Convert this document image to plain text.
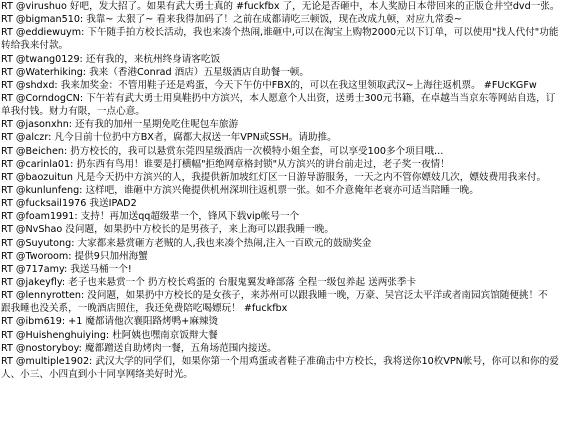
RT @virushuo 好吧，发大招了。如果有武大勇士真的 #fuckfbx 了，无论是否砸中，本人奖励日本带回来的正版仓井空dvd一张。
RT @bigman510: 我靠~ 太狠了~ 看来我得加码了！之前在成都请吃三顿饭，现在改成九顿，对应九常委~
RT @eddiewuym: 下午随手拍方校长活动，我也来凑个热闹,谁砸中,可以在淘宝上购物2000元以下订单，可以使用"找人代付"功能
转给我来付款。
RT @twang0129: 还有我的，来杭州终身请客吃饭
RT @Waterhiking: 我来（香港Conrad 酒店）五星级酒店自助餐一顿。
RT @shdxd: 我来加奖金：不管用鞋子还是鸡蛋，今天下午仿中FBX的，可以在我这里领取武汉~上海往返机票。 #FUcKGFw
RT @CorndogCN: 下午若有武大勇士用臭鞋扔中方滨兴，本人愿意个人出资，送勇士300元书籍，在卓越当当京东等网站自选，订
单我付钱。财力有限，一点心意。
RT @jasonxhn: 还有我的加州一星期免吃住呢包车旅游
RT @alczr: 凡今日前十位扔中方BX者，腐都大叔送一年VPN或SSH。请助推。
RT @Beichen: 扔方校长的，我可以悬赏东莞四星级酒店一次模特小姐全套，可以享受100多个项目哦…
RT @carinla01: 扔东西有鸟用！谁要是打横幅"拒绝网章格封锁"从方滨兴的讲台前走过，老子奖一夜情！
RT @baozuitun 凡是今天扔中方滨兴的人，我提供新加坡红灯区一日游导游服务，一天之内不管你嫖妓几次，嫖妓费用我来付。
RT @kunlunfeng: 这样吧，谁砸中方滨兴俺提供机州深圳往返机票一张。如不介意俺年老衰亦可适当陪睡一晚。
RT @fucksail1976 我送IPAD2
RT @foam1991: 支持！再加送qq超级辈一个，锋风下载vip帐号一个
RT @NvShao 没问题，如果扔中方校长的是男孩子，来上海可以跟我睡一晚。
RT @Suyutong: 大家都来悬赏砸方老贼的人,我也来凑个热闹,注入一百欧元的鼓励奖金
RT @Tworoom: 提供9只加州海蟹
RT @717amy: 我送马桶一个!
RT @jakeyfly: 老子也来悬赏一个 扔方校长鸡蛋的 台服鬼翼发峰部落 全程一级包养起 送两张季卡
RT @lennyrotten: 没问题，如果扔中方校长的是女孩子，来苏州可以跟我睡一晚，万豪、吴宫泛太平洋或者南园宾馆随便挑！不
跟我睡也没关系，一晚酒店照住，我还免费陪吃喝嫖玩！ #fuckfbx
RT @ibm619: +1 魔都请他次襄阳路烤鸭+麻辣烫
RT @Huishenghuiying: 杜阿姨也嘿南京饭辩大餐
RT @nostoryboy: 魔都蹭送自助烤肉一餐，五角场范围内接送。
RT @multiple1902: 武汉大学的同学们，如果你第一个用鸡蛋或者鞋子准确击中方校长，我将送你10枚VPN帐号，你可以和你的爱
人、小三、小四直到小十同享网络美好时光。
